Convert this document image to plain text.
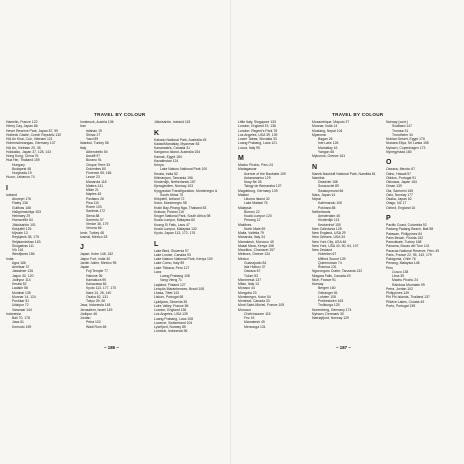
TRAVEL BY COLOUR
Hamelin, France 122
Henry Cay, Japan 86
Hever Reserve Park, Japan 87, 99
Holbeck Castle, Czech Republic 130
Hội An Khai, Cuô, Vietnam 121
Hohenschwangau, Germany 137
Hội An, Vietnam 20, 35
Hokkaido, Japan 37, 128, 143
Hong Kong, China 76
Hua Hin, Thailand 159
Hungary
Budapest 48
Hurghada 19
Huzur, Lebanon 74
I
Iceland
Akureyri 176
Flatey 136
Gullfoss 168
Hallgrímskirkja 153
Heimaey 29
Hveravellir 54
Jökulsárlón 101
Kirkjufell 125
Mývatn 13
Reykjavík 38, 175
Seljalandsfoss 163
Skógafoss 111
Vík 161
Westfjords 156
India
Agra 166
Amritsar 37
Jaisalmer 126
Jaipur 30, 120
Jodhpur 114
Kerala 52
Ladakh 58
Mumbai 135
Munnar 14, 124
Pushkar 51
Udaipur 72
Varanasi 144
Indonesia
Bali 70, 178
Java 61
Komodo 159
Innsbruck, Austria 136
Iran
Isfahan 19
Shiraz 27
Yazd 89
Istanbul, Turkey 58
Italy
Alberobello 54
Amalfi 97
Burano 91
Cinque Terre 33
Dolomites 80
Florence 55, 166
Lecce 23
Manarola 118
Matera 141
Milan 21
Naples 45
Positano 26
Pisa 110
Rome 103
Sardinia 172
Siena 88
Sorrento 57
Venice 36, 179
Verona 66
Izmir, Turkey 48
Izamal, Mexico 28
J
Japan: Kobe 148, 152
Jaipur Fort, India 30
Jardin Julien, Mexico 95
Japan
Fuji Temple 77
Hakone 36
Kamakura 90
Kanazawa 84
Kyoto 113, 177, 170
Nara 14, 26, 140
Osaka 62, 131
Tokyo 39, 60
Java, Indonesia 148
Jerusalem, Israel 149
Jodhpur 46
Jordan
Petra 102
Wadi Rum 65
Jökulsárlón, Iceland 115
K
Kakadu National Park, Australia 45
Kalaw/Mandalay, Myanmar 83
Kananaskis, Canada 31
Kangaroo Island, Australia 154
Karnak, Egypt 184
Kazakhstan 124
Kenya
Lake Nakuru National Park 100
Kerala, India 52
Kilimanjaro, Tanzania 156
Kinderdijk, Netherlands 157
Kjeragbolten, Norway 103
Kyrgyzstan Transfiguration, Montenegro &
South Africa 75
Kirkjufell, Iceland 72
Kotor, Montenegro 98
Krabi Bay-Phang Nga, Thailand 83
Krakow, Poland 116
Kruger National Park, South Africa 98
Kuala Lumpur, Malaysia 60
Kuang Si Falls, Laos 47
Kuala Lumpur, Malaysia 132
Kyoto, Japan 113, 172, 176
L
Lake Bled, Slovenia 97
Lake Louise, Canada 93
Lake Nakuru National Park, Kenya 100
Lake Como, Italy 89
Lake Titicaca, Peru 127
Laos
Luang Prabang 108
Vang Vieng 71
Lapland, Finland 127
Lençóis Maranhenses, Brazil 108
Lhasa, Tibet 143
Lisbon, Portugal 68
Ljubljana, Slovenia 35
Loire Valley, France 56
London, England 136
Los Angeles, USA 139
Luang Prabang, Laos 108
Lucerne, Switzerland 104
Lysefjord, Norway 85
Lombok, Indonesia 96
~ 186 ~
TRAVEL BY COLOUR
Little Italy, Singapore 133
London, England 19, 136
London: Regent's Park 78
Los Angeles, USA 39, 139
Lower Tatras, Slovakia 33
Luang Prabang, Laos 121
Lucca, Italy 95
M
Machu Picchu, Peru 24
Madagascar
Avenue of the Baobabs 109
Antananarivo 129
Nosy Be 28
Tsingy de Bemaraha 137
Magdeburg, Germany 139
Malawi
Likoma Island 32
Lake Malawi 75
Malaysia
Borneo 22
Kuala Lumpur 120
Penang 12
Maldives
North Male 69
Malta, Valletta 79
Manarola, Italy 34
Marrakesh, Morocco 49
Masai Mara, Kenya 158
Mauritius, Chamarel 157
Meteora, Greece 134
Mexico
Guanajuato 84
Isla Holbox 37
Oaxaca 67
Tulum 53
Micronesia 137
Milan, Italy 13
Monaco 44
Mongolia 23
Montenegro, Kotor 54
Montreal, Canada 33
Mont Saint-Michel, France 105
Morocco
Chefchaouen 115
Fez 43
Marrakesh 49
Merzouga 131
Mozambique, Maputo 27
Munnar, India 14
Mustang, Nepal 104
Myanmar
Bagan 26
Inle Lake 126
Mandalay 16
Yangon 65
Mykonos, Greece 161
N
Namib-Naukluft National Park, Namibia 81
Namibia
Deadvlei 158
Sossusvlei 89
Swakopmund 66
Nara, Japan 14
Nepal
Kathmandu 106
Pokhara 88
Netherlands
Amsterdam 46
Kinderdijk 113
Keukenhof 150
New Caledonia 125
New England, USA 29
New Orleans, USA 34
New York City, USA 46
New York, USA 40, 50, 64, 107
New Zealand
Hobbiton 67
Milford Sound 139
Queenstown 74
Rotorua 131
Ngorongoro Crater, Tanzania 132
Niagara Falls, Canada 49
Nice, France 91
Norway
Bergen 160
Geiranger 81
Lofoten 108
Preikestolen 163
Trolltunga 125
Nuremberg, Germany 174
Nyhavn, Denmark 30
Nærøyfjord, Norway 129
Norway (cont.)
Svalbard 147
Tromsø 31
Trondheim 34
Nubian Desert, Egypt 176
Nuwara Eliya, Sri Lanka 155
Nyhavn, Copenhagen 173
Nyíregyháza 180
O
Oaxaca, Mexico 67
Oahu, Hawaii 57
Obidos, Portugal 91
Okinawa, Japan 154
Oman 139
Oia, Santorini 165
Oslo, Norway 177
Osaka, Japan 62
Otago, NZ 17
Oxford, England 16
P
Pacific Coast, Colombia 92
Padang Padang Beach, Bali 58
Palawan, Philippines 84
Palm Beach, Florida 152
Pamukkale, Turkey 168
Panama, Bocas del Toro 141
Paracas National Reserve, Peru 49
Paris, France 22, 95, 143, 179
Patagonia, Chile 76
Penang, Malaysia 148
Peru
Cusco 138
Lima 39
Machu Picchu 24
Rainbow Mountain 99
Petra, Jordan 102
Philippines 149
Phi Phi Islands, Thailand 137
Plitvice Lakes, Croatia 49
Porto, Portugal 159
~ 187 ~
